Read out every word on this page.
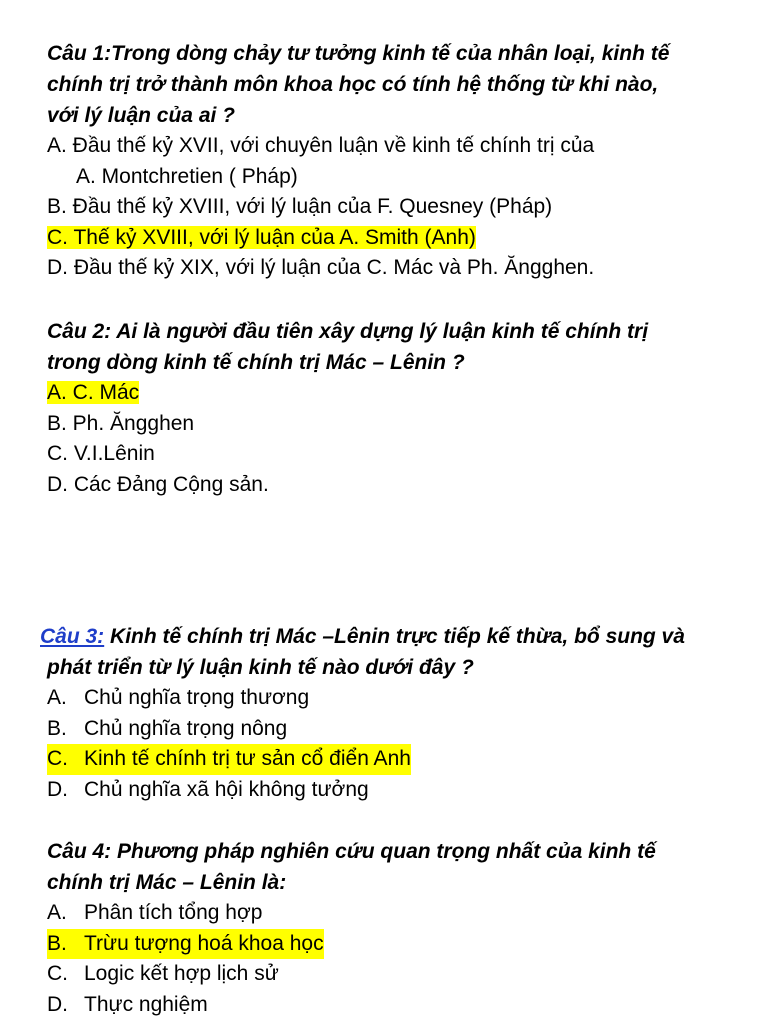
Câu 1:Trong dòng chảy tư tưởng kinh tế của nhân loại, kinh tế
chính trị trở thành môn khoa học có tính hệ thống từ khi nào,
với lý luận của ai ?
A. Đầu thế kỷ XVII, với chuyên luận về kinh tế chính trị của
A. Montchretien ( Pháp)
B. Đầu thế kỷ XVIII, với lý luận của F. Quesney (Pháp)
C. Thế kỷ XVIII, với lý luận của A. Smith (Anh)
D. Đầu thế kỷ XIX, với lý luận của C. Mác và Ph. Ăngghen.
Câu 2: Ai là người đầu tiên xây dựng lý luận kinh tế chính trị
trong dòng kinh tế chính trị Mác – Lênin ?
A. C. Mác
B. Ph. Ăngghen
C. V.I.Lênin
D. Các Đảng Cộng sản.
Câu 3: Kinh tế chính trị Mác –Lênin trực tiếp kế thừa, bổ sung và
phát triển từ lý luận kinh tế nào dưới đây ?
A. Chủ nghĩa trọng thương
B. Chủ nghĩa trọng nông
C. Kinh tế chính trị tư sản cổ điển Anh
D. Chủ nghĩa xã hội không tưởng
Câu 4: Phương pháp nghiên cứu quan trọng nhất của kinh tế
chính trị Mác – Lênin là:
A. Phân tích tổng hợp
B. Trừu tượng hoá khoa học
C. Logic kết hợp lịch sử
D. Thực nghiệm
